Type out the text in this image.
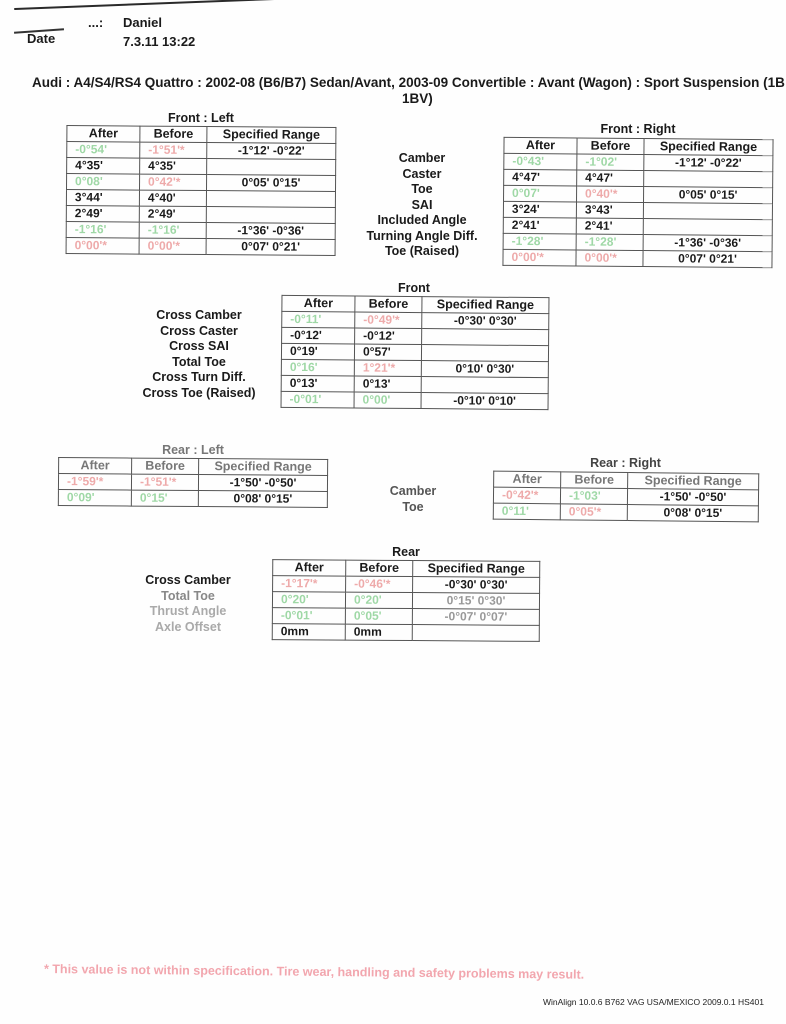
...: Daniel
Date	7.3.11 13:22
Audi : A4/S4/RS4 Quattro : 2002-08 (B6/B7) Sedan/Avant, 2003-09 Convertible : Avant (Wagon) : Sport Suspension (1B
1BV)
Front : Left
After	Before	Specified Range
-0°54'	-1°51'*	-1°12' -0°22'
4°35'	4°35'	
0°08'	0°42'*	0°05' 0°15'
3°44'	4°40'	
2°49'	2°49'	
-1°16'	-1°16'	-1°36' -0°36'
0°00'*	0°00'*	0°07' 0°21'
Camber
Caster
Toe
SAI
Included Angle
Turning Angle Diff.
Toe (Raised)
Front : Right
After	Before	Specified Range
-0°43'	-1°02'	-1°12' -0°22'
4°47'	4°47'	
0°07'	0°40'*	0°05' 0°15'
3°24'	3°43'	
2°41'	2°41'	
-1°28'	-1°28'	-1°36' -0°36'
0°00'*	0°00'*	0°07' 0°21'
Front
Cross Camber
Cross Caster
Cross SAI
Total Toe
Cross Turn Diff.
Cross Toe (Raised)
After	Before	Specified Range
-0°11'	-0°49'*	-0°30' 0°30'
-0°12'	-0°12'	
0°19'	0°57'	
0°16'	1°21'*	0°10' 0°30'
0°13'	0°13'	
-0°01'	0°00'	-0°10' 0°10'
Rear : Left
After	Before	Specified Range
-1°59'*	-1°51'*	-1°50' -0°50'
0°09'	0°15'	0°08' 0°15'
Camber
Toe
Rear : Right
After	Before	Specified Range
-0°42'*	-1°03'	-1°50' -0°50'
0°11'	0°05'*	0°08' 0°15'
Rear
Cross Camber
Total Toe
Thrust Angle
Axle Offset
After	Before	Specified Range
-1°17'*	-0°46'*	-0°30' 0°30'
0°20'	0°20'	0°15' 0°30'
-0°01'	0°05'	-0°07' 0°07'
0mm	0mm	
* This value is not within specification. Tire wear, handling and safety problems may result.
WinAlign 10.0.6 B762 VAG USA/MEXICO 2009.0.1 HS401
